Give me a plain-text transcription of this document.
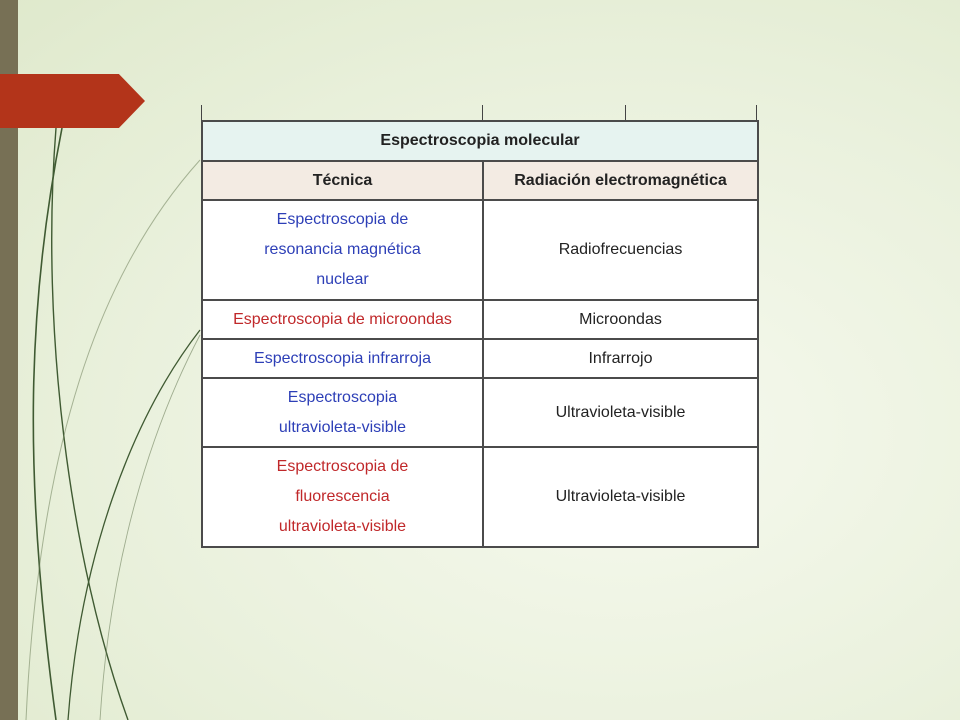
Espectroscopia molecular	
Técnica	Radiación electromagnética
Espectroscopia de
resonancia magnética
nuclear	Radiofrecuencias
Espectroscopia de microondas	Microondas
Espectroscopia infrarroja	Infrarrojo
Espectroscopia
ultravioleta-visible	Ultravioleta-visible
Espectroscopia de
fluorescencia
ultravioleta-visible	Ultravioleta-visible
